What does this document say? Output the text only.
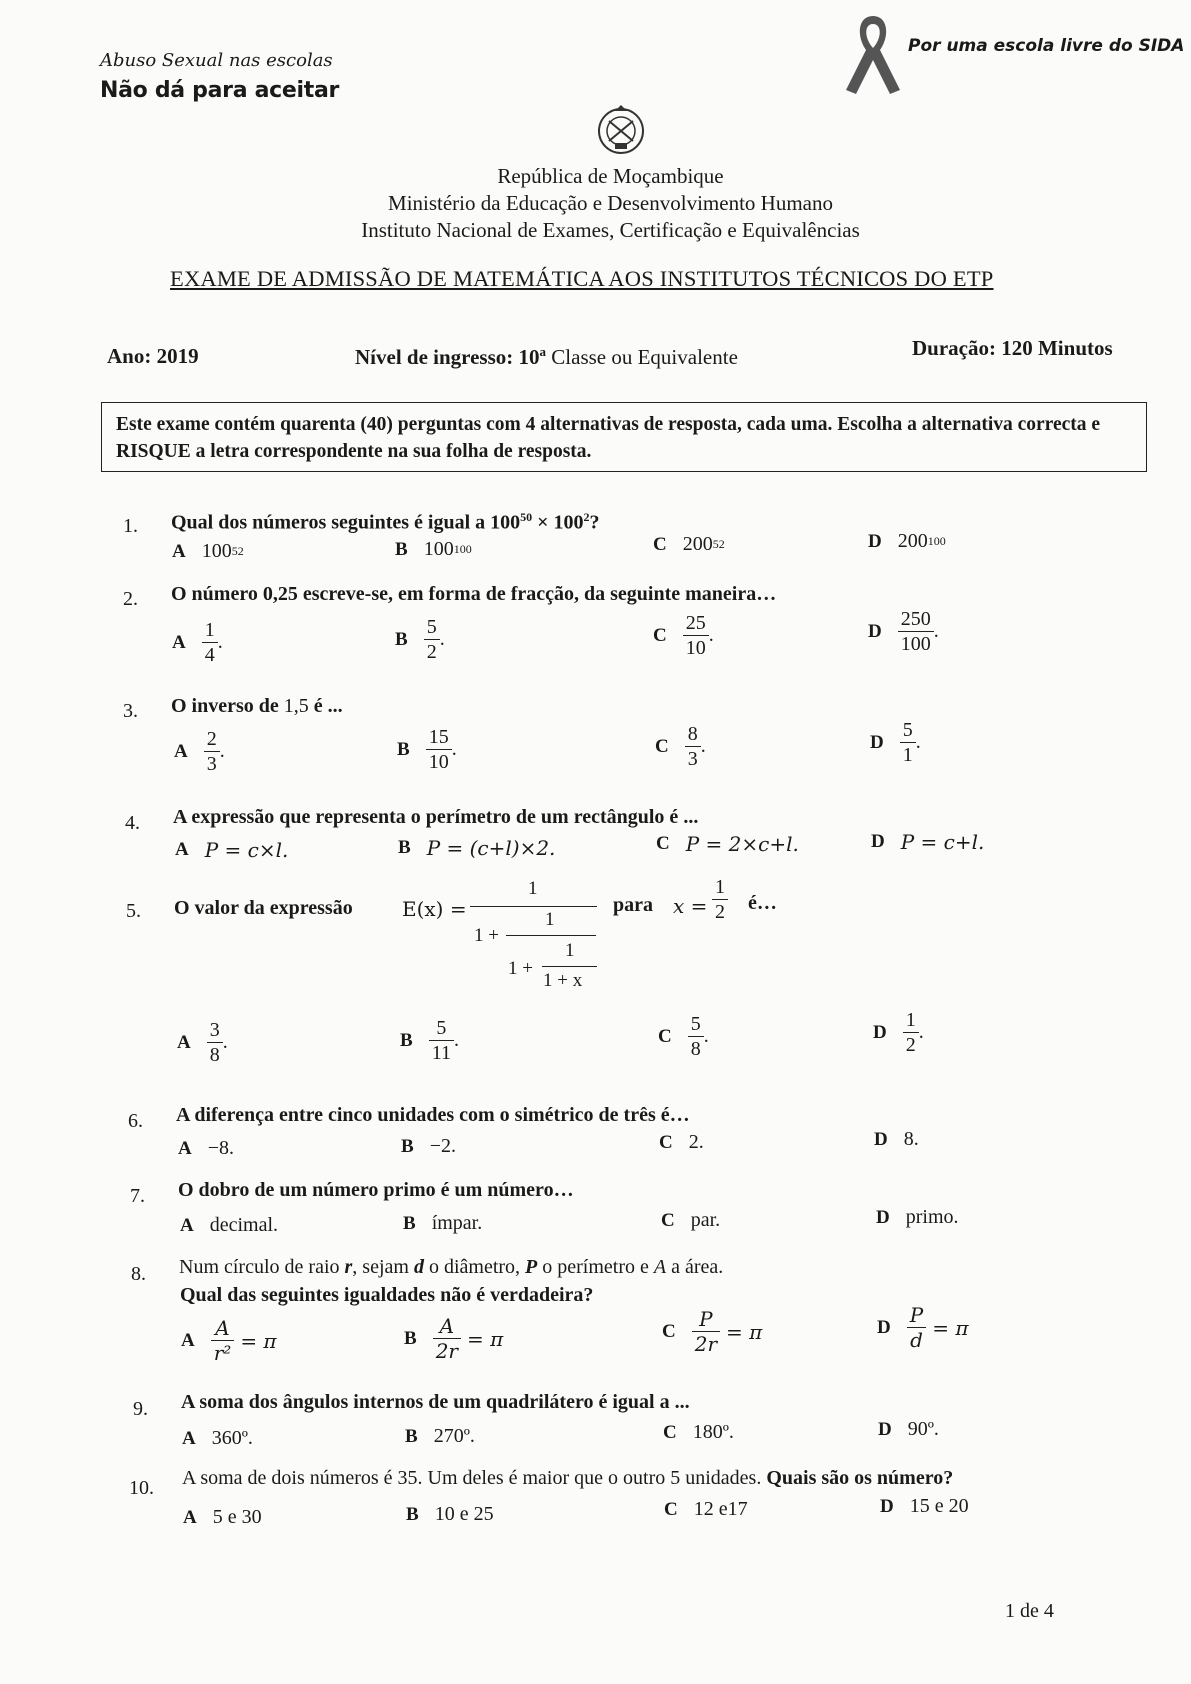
Abuso Sexual nas escolas
Não dá para aceitar
Por uma escola livre do SIDA
República de Moçambique
Ministério da Educação e Desenvolvimento Humano
Instituto Nacional de Exames, Certificação e Equivalências
EXAME DE ADMISSÃO DE MATEMÁTICA AOS INSTITUTOS TÉCNICOS DO ETP
Ano: 2019	Nível de ingresso: 10$^a$ Classe ou Equivalente	Duração: 120 Minutos
Este exame contém quarenta (40) perguntas com 4 alternativas de resposta, cada uma. Escolha a alternativa correcta e RISQUE a letra correspondente na sua folha de resposta.
1. Qual dos números seguintes é igual a $100^{50} \times 100^2$?
A 100 52	B 100 100	C 200 52	D 200 100
2. O número 0,25 escreve-se, em forma de fracção, da seguinte maneira…
A $\frac{1}{4}$ .	B $\frac{5}{2}$ .	C $\frac{25}{10}$ .	D $\frac{250}{100}$ .
3. O inverso de 1,5 é ...
A $\frac{2}{3}$ .	B $\frac{15}{10}$ .	C $\frac{8}{3}$ .	D $\frac{5}{1}$ .
4. A expressão que representa o perímetro de um rectângulo é ...
A P = c×l.	B P = (c+l)×2.	C P = 2×c+l.	D P = c+l.
5. O valor da expressão E(x) =
1
1 +
1
1 +
1
1 + x
para x =
1
2 é…
A $\frac{3}{8}$ .	B $\frac{5}{11}$ .	C $\frac{5}{8}$ .	D $\frac{1}{2}$ .
6. A diferença entre cinco unidades com o simétrico de três é…
A −8.	B −2.	C 2.	D 8.
7. O dobro de um número primo é um número…
A decimal.	B ímpar.	C par.	D primo.
8. Num círculo de raio r, sejam d o diâmetro, P o perímetro e A a área.
Qual das seguintes igualdades não é verdadeira?
A $\frac{A}{\text{r²}} = \pi$	B $\frac{A}{2r} = \pi$	C $\frac{P}{2r} = \pi$	D $\frac{P}{d} = \pi$
9. A soma dos ângulos internos de um quadrilátero é igual a ...
A 360º.	B 270º.	C 180º.	D 90º.
10. A soma de dois números é 35. Um deles é maior que o outro 5 unidades. Quais são os número?
A 5 e 30	B 10 e 25	C 12 e17	D 15 e 20
1 de 4
